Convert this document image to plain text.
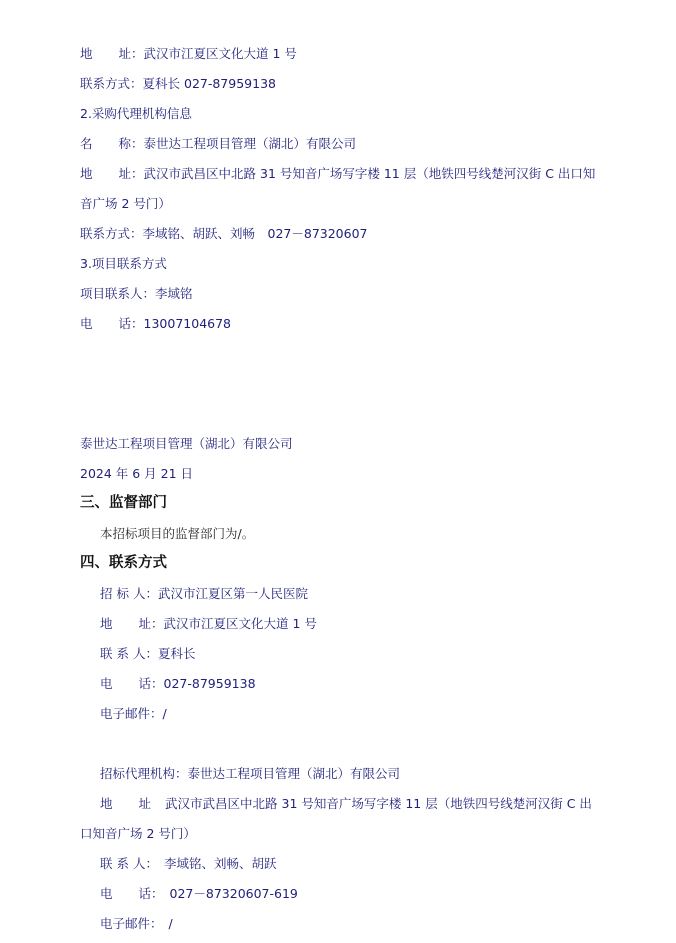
地 址：武汉市江夏区文化大道 1 号
联系方式：夏科长 027-87959138
2.采购代理机构信息
名 称：泰世达工程项目管理（湖北）有限公司
地 址：武汉市武昌区中北路 31 号知音广场写字楼 11 层（地铁四号线楚河汉街 C 出口知
音广场 2 号门）
联系方式：李域铭、胡跃、刘畅　027－87320607
3.项目联系方式
项目联系人：李域铭
电 话：13007104678
泰世达工程项目管理（湖北）有限公司
2024 年 6 月 21 日
三、监督部门
本招标项目的监督部门为/。
四、联系方式
招 标 人：武汉市江夏区第一人民医院
地 址：武汉市江夏区文化大道 1 号
联 系 人：夏科长
电 话：027-87959138
电子邮件：/
招标代理机构：泰世达工程项目管理（湖北）有限公司
地 址 武汉市武昌区中北路 31 号知音广场写字楼 11 层（地铁四号线楚河汉街 C 出
口知音广场 2 号门）
联 系 人： 李域铭、刘畅、胡跃
电 话： 027－87320607-619
电子邮件： /
